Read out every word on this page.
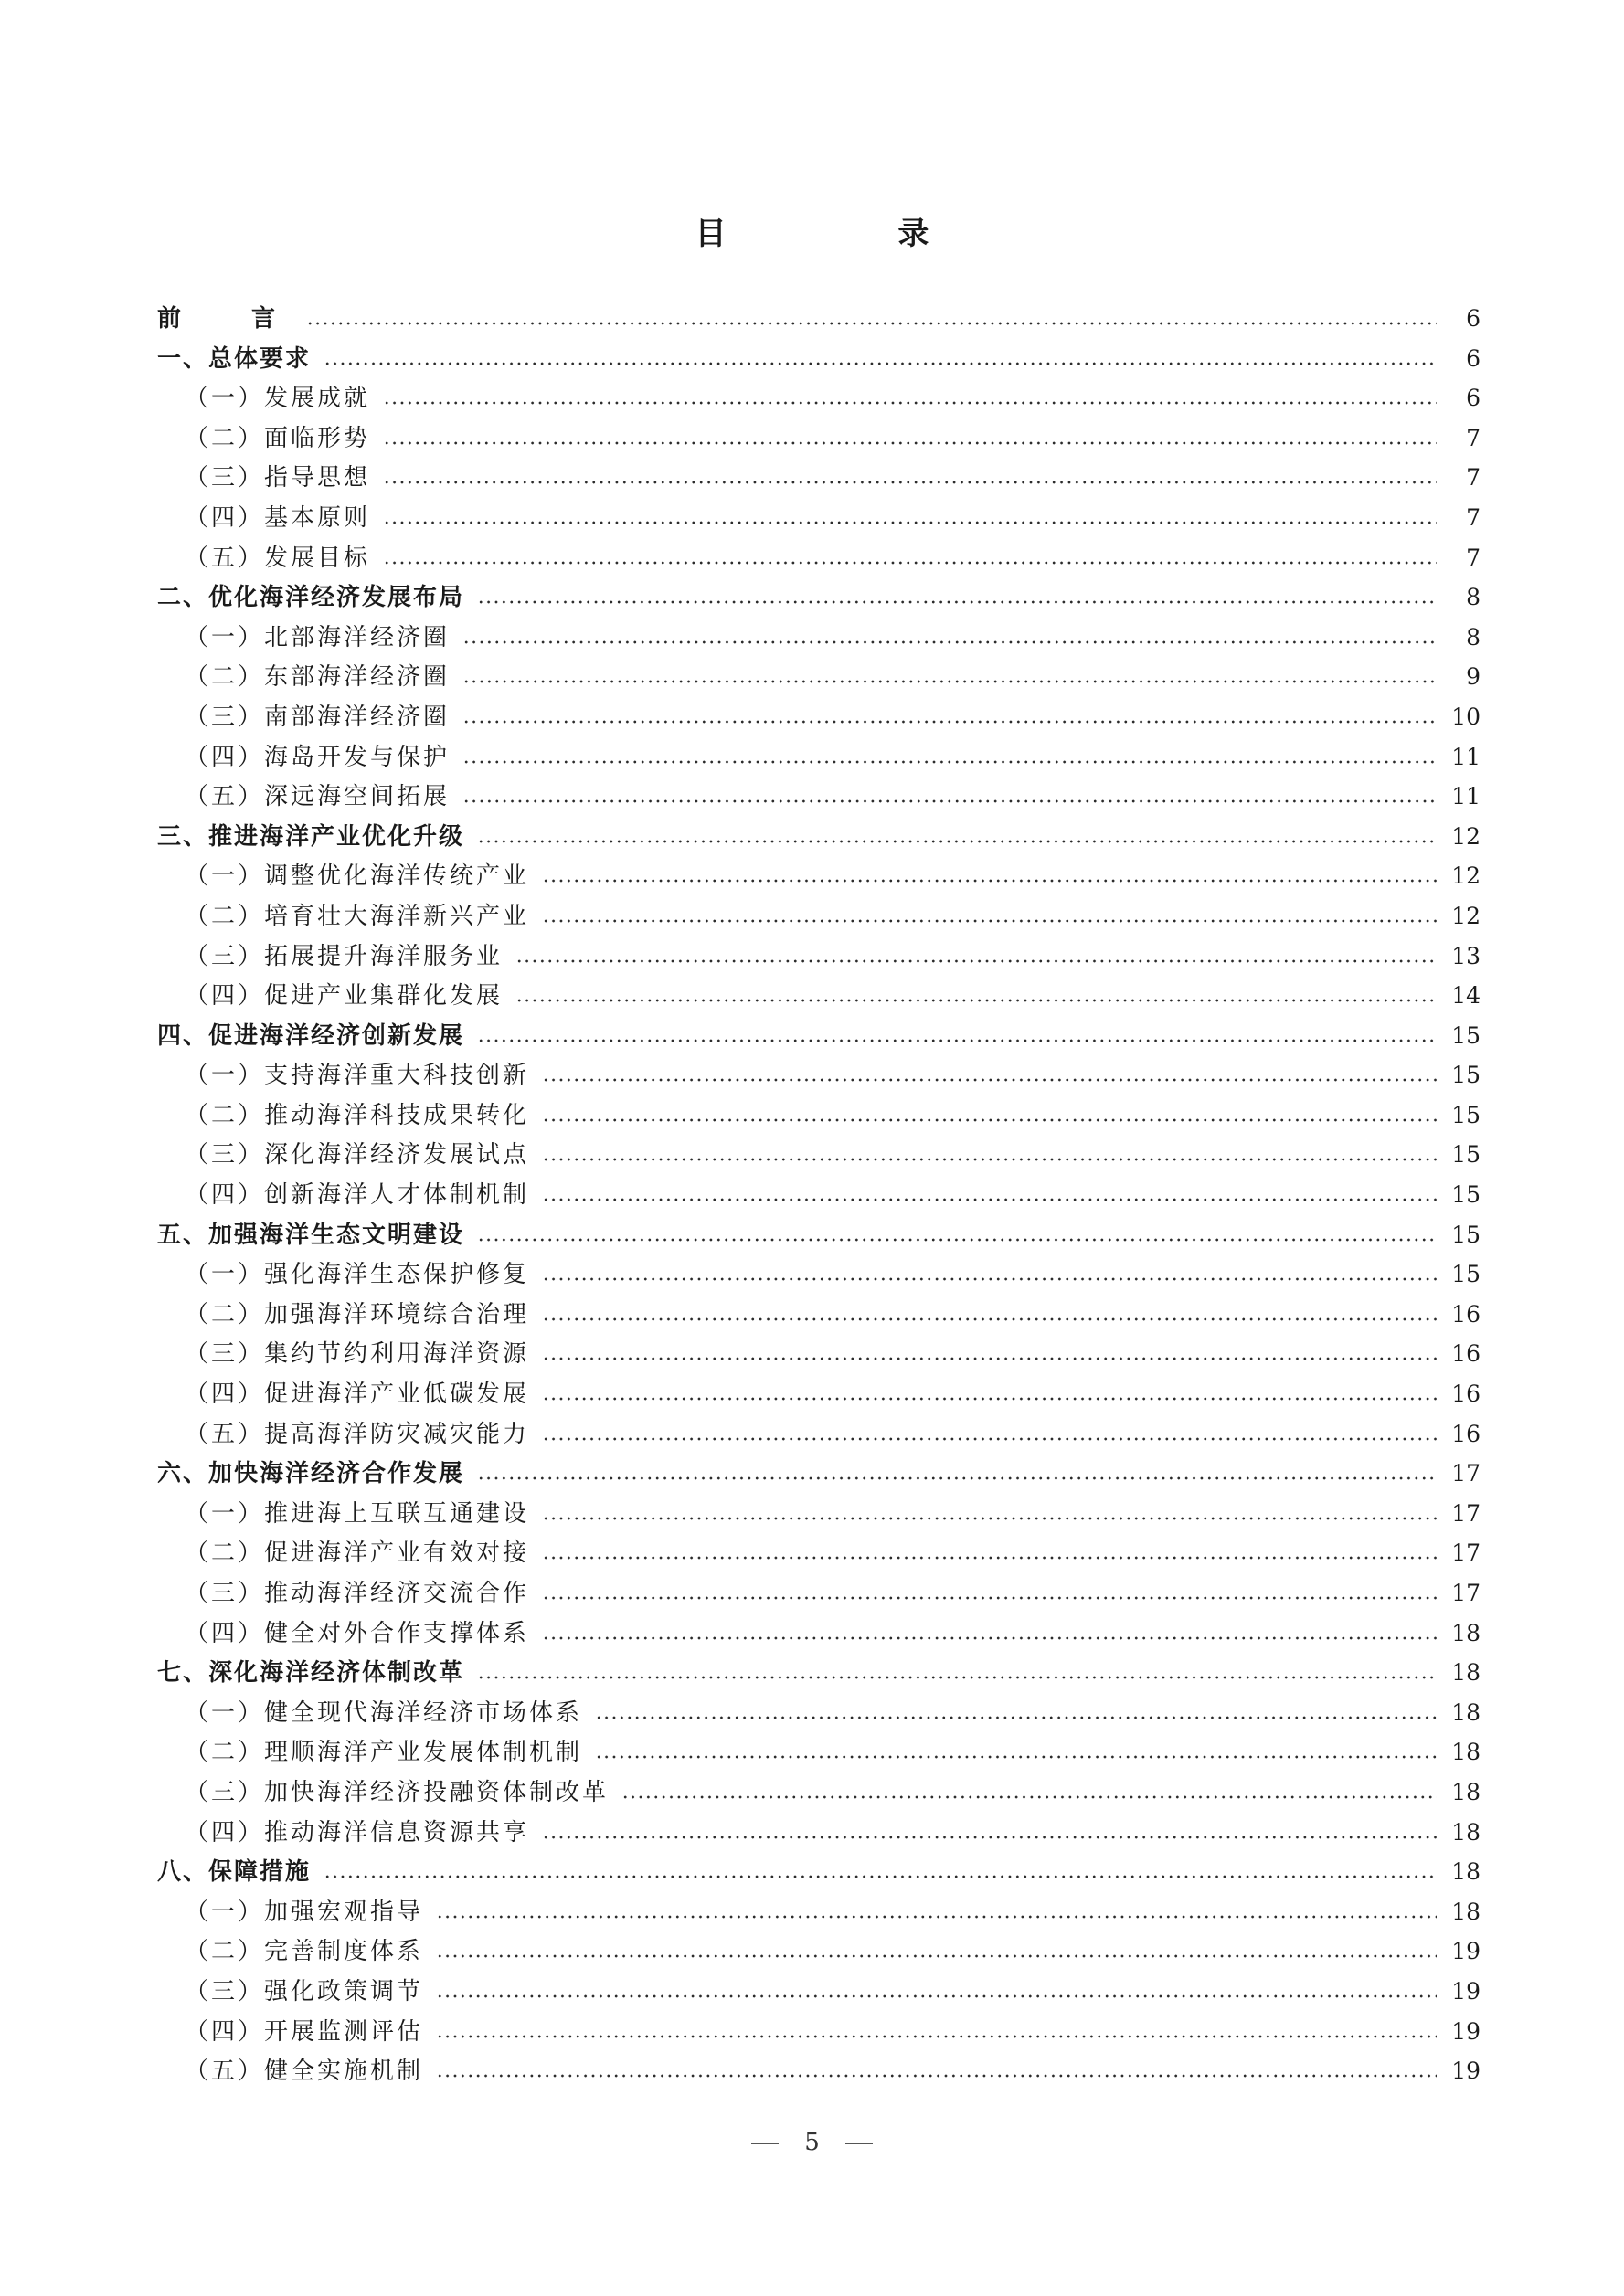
目 录
前 言	6
一、总体要求	6
（一）发展成就	6
（二）面临形势	7
（三）指导思想	7
（四）基本原则	7
（五）发展目标	7
二、优化海洋经济发展布局	8
（一）北部海洋经济圈	8
（二）东部海洋经济圈	9
（三）南部海洋经济圈	10
（四）海岛开发与保护	11
（五）深远海空间拓展	11
三、推进海洋产业优化升级	12
（一）调整优化海洋传统产业	12
（二）培育壮大海洋新兴产业	12
（三）拓展提升海洋服务业	13
（四）促进产业集群化发展	14
四、促进海洋经济创新发展	15
（一）支持海洋重大科技创新	15
（二）推动海洋科技成果转化	15
（三）深化海洋经济发展试点	15
（四）创新海洋人才体制机制	15
五、加强海洋生态文明建设	15
（一）强化海洋生态保护修复	15
（二）加强海洋环境综合治理	16
（三）集约节约利用海洋资源	16
（四）促进海洋产业低碳发展	16
（五）提高海洋防灾减灾能力	16
六、加快海洋经济合作发展	17
（一）推进海上互联互通建设	17
（二）促进海洋产业有效对接	17
（三）推动海洋经济交流合作	17
（四）健全对外合作支撑体系	18
七、深化海洋经济体制改革	18
（一）健全现代海洋经济市场体系	18
（二）理顺海洋产业发展体制机制	18
（三）加快海洋经济投融资体制改革	18
（四）推动海洋信息资源共享	18
八、保障措施	18
（一）加强宏观指导	18
（二）完善制度体系	19
（三）强化政策调节	19
（四）开展监测评估	19
（五）健全实施机制	19
5
